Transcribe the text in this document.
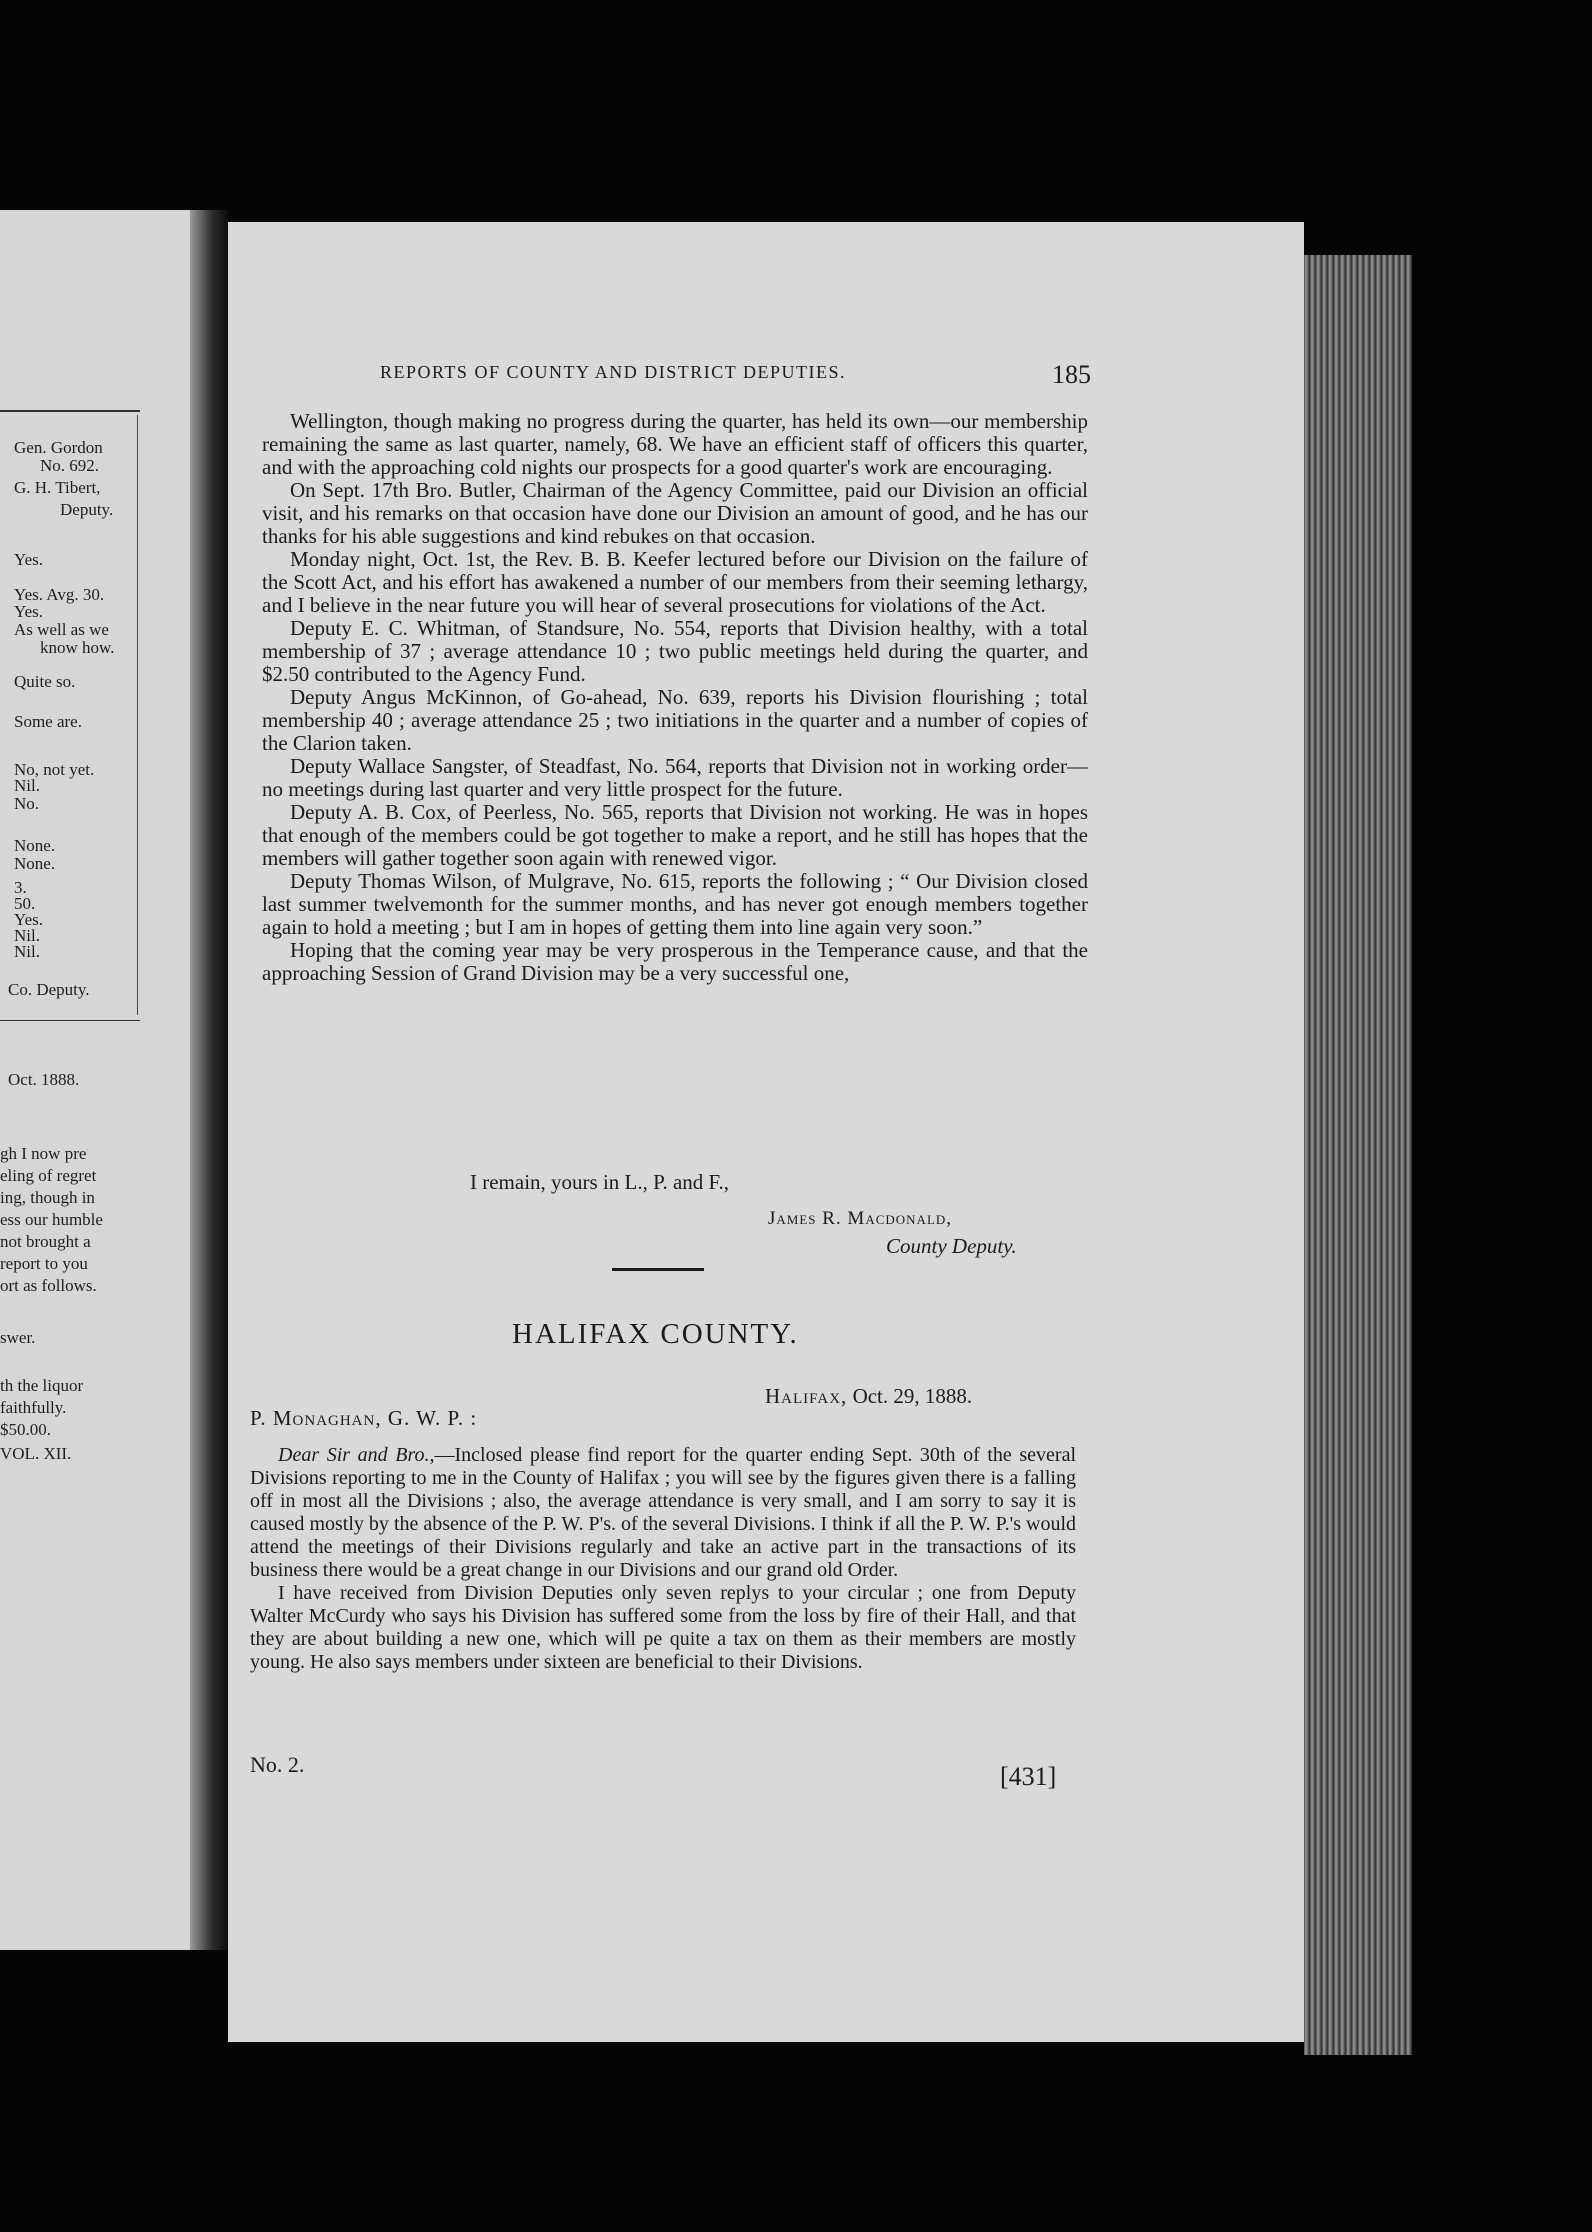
Gen. Gordon
No. 692.
G. H. Tibert,
Deputy.
Yes.
Yes. Avg. 30.
Yes.
As well as we
know how.
Quite so.
Some are.
No, not yet.
Nil.
No.
None.
None.
3.
50.
Yes.
Nil.
Nil.
Co. Deputy.
Oct. 1888.
gh I now pre
eling of regret
ing, though in
ess our humble
not brought a
report to you
ort as follows.
swer.
th the liquor
faithfully.
$50.00.
VOL. XII.
REPORTS OF COUNTY AND DISTRICT DEPUTIES.	185

Wellington, though making no progress during the quarter, has held its own—our membership remaining the same as last quarter, namely, 68. We have an efficient staff of officers this quarter, and with the approaching cold nights our prospects for a good quarter's work are encouraging.

On Sept. 17th Bro. Butler, Chairman of the Agency Committee, paid our Division an official visit, and his remarks on that occasion have done our Division an amount of good, and he has our thanks for his able suggestions and kind rebukes on that occasion.

Monday night, Oct. 1st, the Rev. B. B. Keefer lectured before our Division on the failure of the Scott Act, and his effort has awakened a number of our members from their seeming lethargy, and I believe in the near future you will hear of several prosecutions for violations of the Act.

Deputy E. C. Whitman, of Standsure, No. 554, reports that Division healthy, with a total membership of 37 ; average attendance 10 ; two public meetings held during the quarter, and $2.50 contributed to the Agency Fund.

Deputy Angus McKinnon, of Go-ahead, No. 639, reports his Division flourishing ; total membership 40 ; average attendance 25 ; two initiations in the quarter and a number of copies of the Clarion taken.

Deputy Wallace Sangster, of Steadfast, No. 564, reports that Division not in working order—no meetings during last quarter and very little prospect for the future.

Deputy A. B. Cox, of Peerless, No. 565, reports that Division not working. He was in hopes that enough of the members could be got together to make a report, and he still has hopes that the members will gather together soon again with renewed vigor.

Deputy Thomas Wilson, of Mulgrave, No. 615, reports the following ; “ Our Division closed last summer twelvemonth for the summer months, and has never got enough members together again to hold a meeting ; but I am in hopes of getting them into line again very soon.”

Hoping that the coming year may be very prosperous in the Temperance cause, and that the approaching Session of Grand Division may be a very successful one,

I remain, yours in L., P. and F.,
James R. Macdonald,
County Deputy.
HALIFAX COUNTY.
Halifax, Oct. 29, 1888.
P. Monaghan, G. W. P. :

Dear Sir and Bro.,—Inclosed please find report for the quarter ending Sept. 30th of the several Divisions reporting to me in the County of Halifax ; you will see by the figures given there is a falling off in most all the Divisions ; also, the average attendance is very small, and I am sorry to say it is caused mostly by the absence of the P. W. P's. of the several Divisions. I think if all the P. W. P.'s would attend the meetings of their Divisions regularly and take an active part in the transactions of its business there would be a great change in our Divisions and our grand old Order.

I have received from Division Deputies only seven replys to your circular ; one from Deputy Walter McCurdy who says his Division has suffered some from the loss by fire of their Hall, and that they are about building a new one, which will pe quite a tax on them as their members are mostly young. He also says members under sixteen are beneficial to their Divisions.

No. 2.	[431]
